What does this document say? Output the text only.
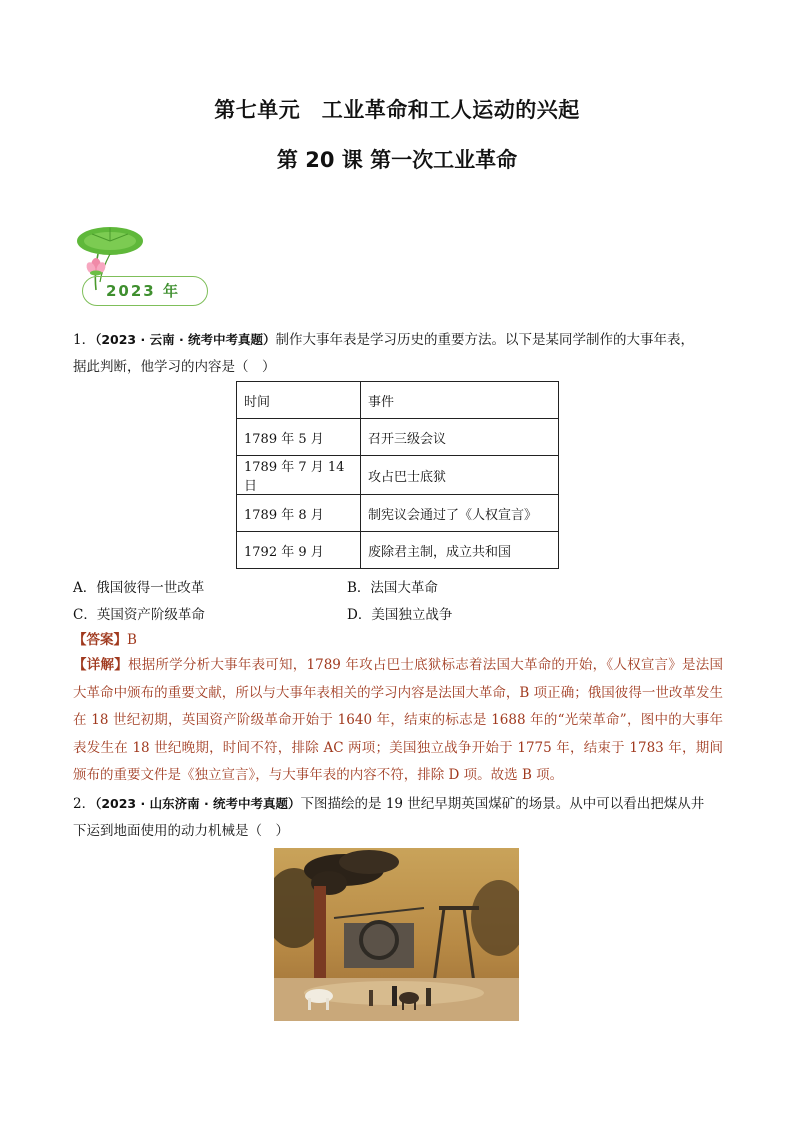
第七单元　工业革命和工人运动的兴起
第 20 课 第一次工业革命
2023 年
1．（2023 · 云南 · 统考中考真题）制作大事年表是学习历史的重要方法。以下是某同学制作的大事年表，
据此判断，他学习的内容是（　）
时间	事件
1789 年 5 月	召开三级会议
1789 年 7 月 14 日	攻占巴士底狱
1789 年 8 月	制宪议会通过了《人权宣言》
1792 年 9 月	废除君主制，成立共和国
A．俄国彼得一世改革	B．法国大革命
C．英国资产阶级革命	D．美国独立战争
【答案】B
【详解】根据所学分析大事年表可知，1789 年攻占巴士底狱标志着法国大革命的开始，《人权宣言》是法国大革命中颁布的重要文献，所以与大事年表相关的学习内容是法国大革命，B 项正确；俄国彼得一世改革发生在 18 世纪初期，英国资产阶级革命开始于 1640 年，结束的标志是 1688 年的“光荣革命”，图中的大事年表发生在 18 世纪晚期，时间不符，排除 AC 两项；美国独立战争开始于 1775 年，结束于 1783 年，期间颁布的重要文件是《独立宣言》，与大事年表的内容不符，排除 D 项。故选 B 项。
2．（2023 · 山东济南 · 统考中考真题）下图描绘的是 19 世纪早期英国煤矿的场景。从中可以看出把煤从井
下运到地面使用的动力机械是（　）
